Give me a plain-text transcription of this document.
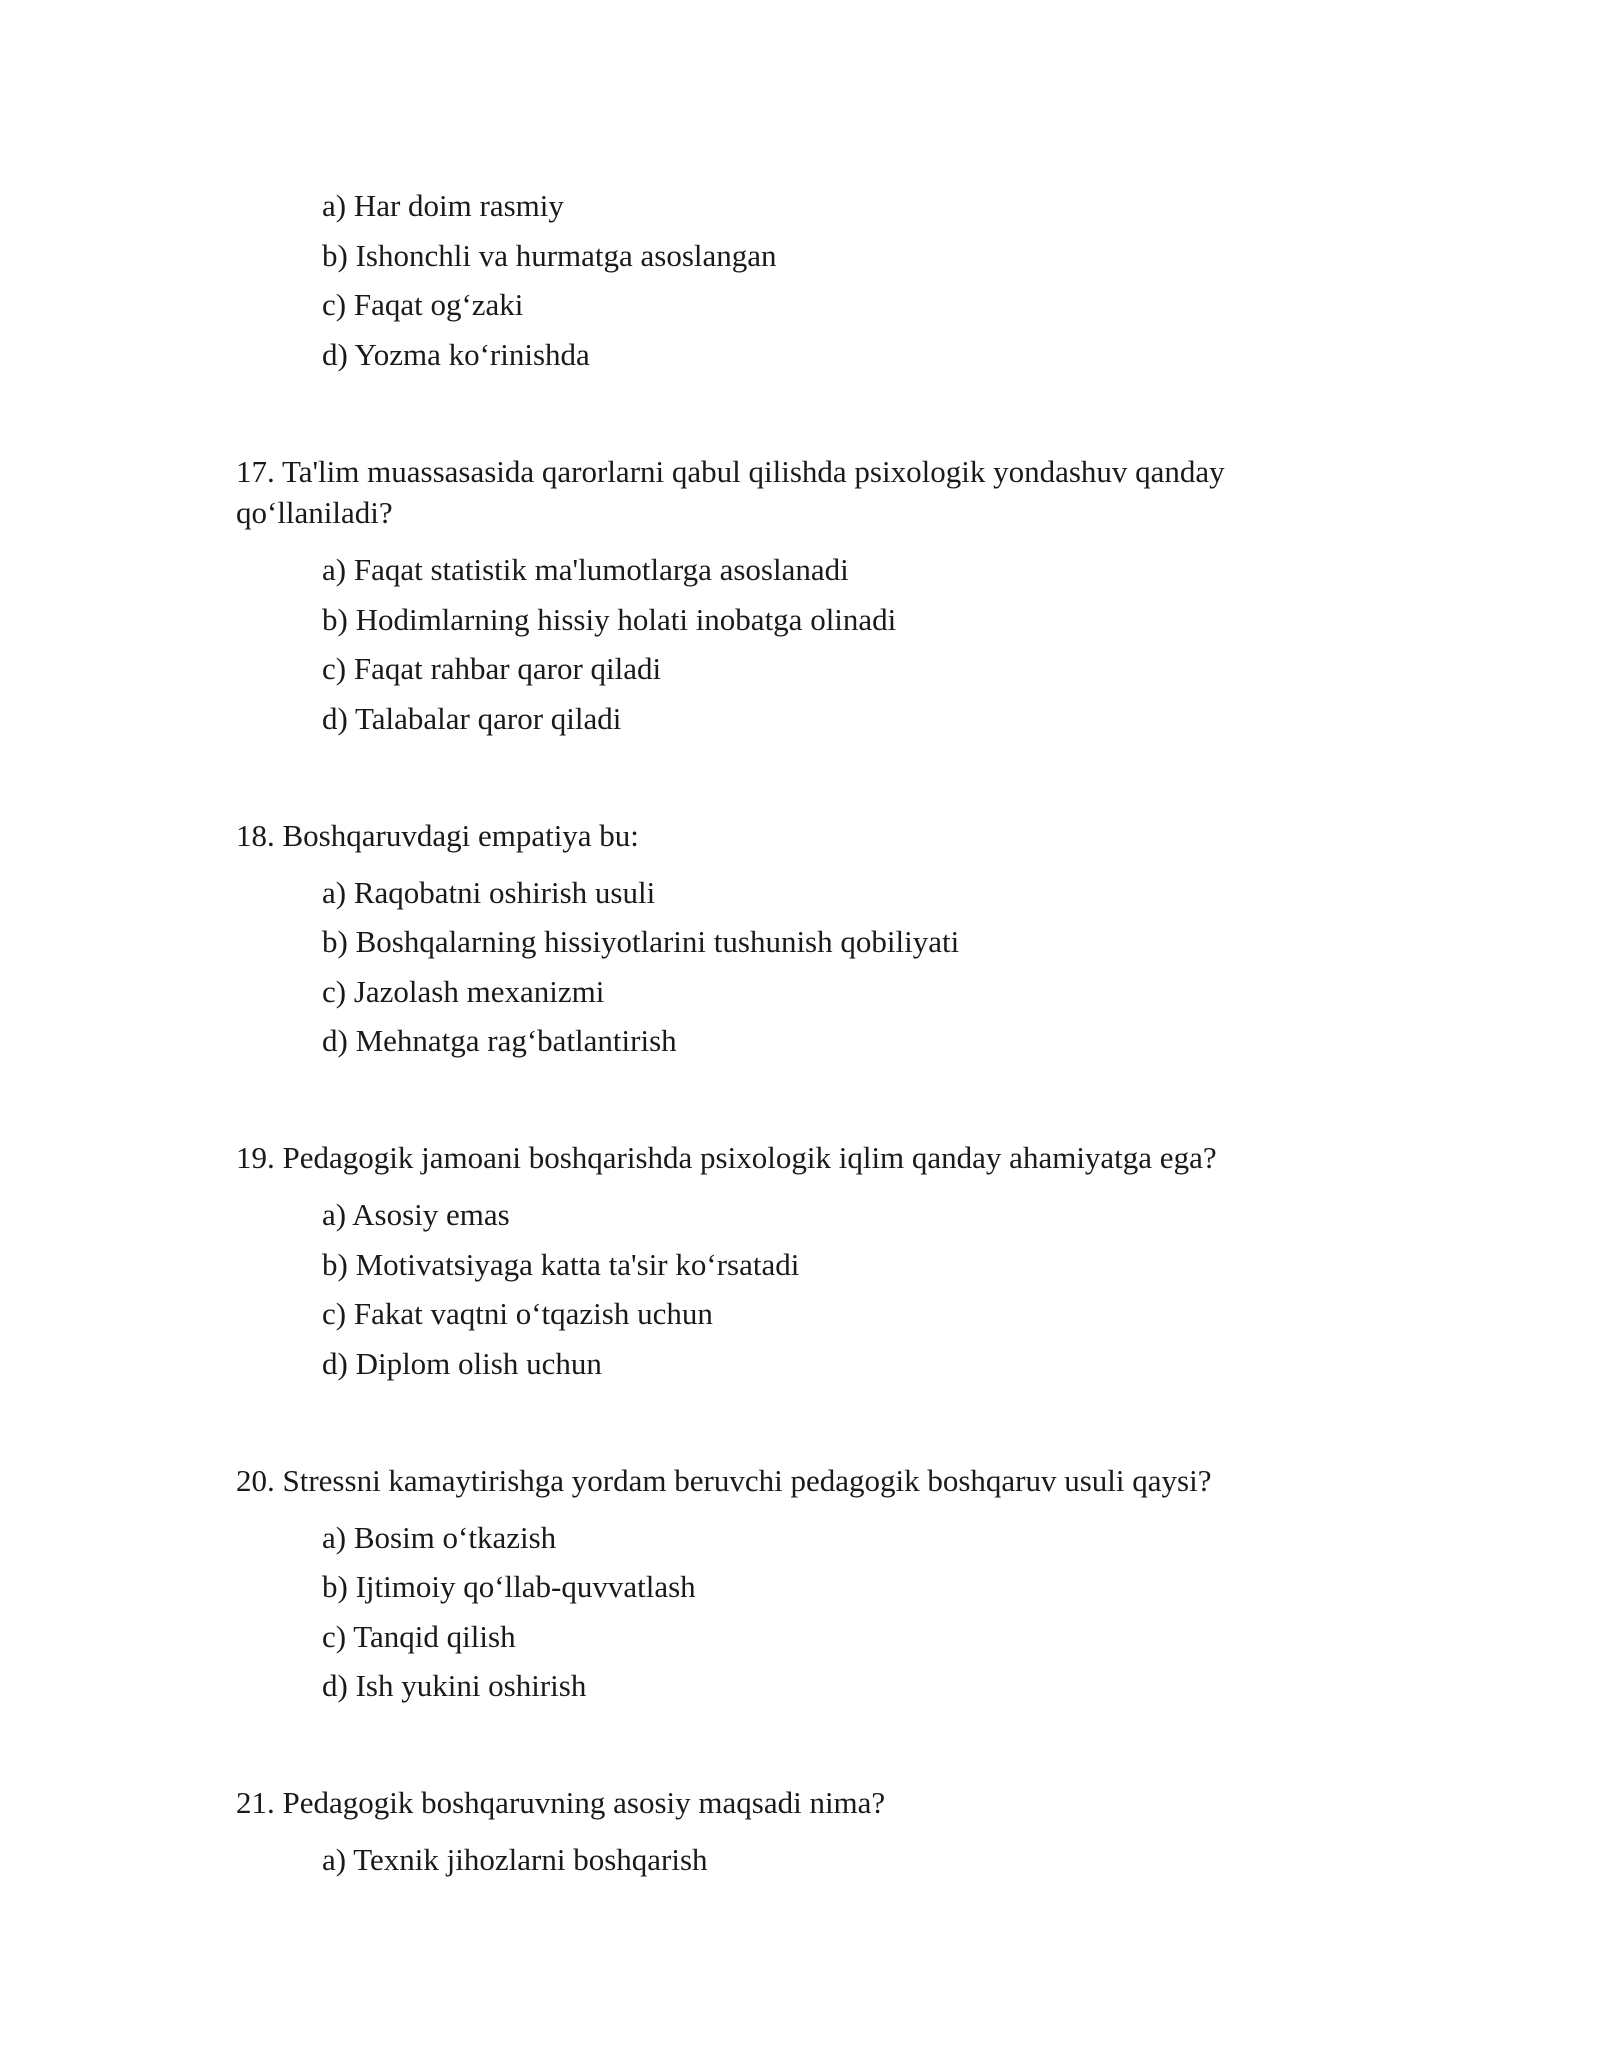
a) Har doim rasmiy
b) Ishonchli va hurmatga asoslangan
c) Faqat og‘zaki
d) Yozma ko‘rinishda
17. Ta'lim muassasasida qarorlarni qabul qilishda psixologik yondashuv qanday
qo‘llaniladi?
a) Faqat statistik ma'lumotlarga asoslanadi
b) Hodimlarning hissiy holati inobatga olinadi
c) Faqat rahbar qaror qiladi
d) Talabalar qaror qiladi
18. Boshqaruvdagi empatiya bu:
a) Raqobatni oshirish usuli
b) Boshqalarning hissiyotlarini tushunish qobiliyati
c) Jazolash mexanizmi
d) Mehnatga rag‘batlantirish
19. Pedagogik jamoani boshqarishda psixologik iqlim qanday ahamiyatga ega?
a) Asosiy emas
b) Motivatsiyaga katta ta'sir ko‘rsatadi
c) Fakat vaqtni o‘tqazish uchun
d) Diplom olish uchun
20. Stressni kamaytirishga yordam beruvchi pedagogik boshqaruv usuli qaysi?
a) Bosim o‘tkazish
b) Ijtimoiy qo‘llab-quvvatlash
c) Tanqid qilish
d) Ish yukini oshirish
21. Pedagogik boshqaruvning asosiy maqsadi nima?
a) Texnik jihozlarni boshqarish
